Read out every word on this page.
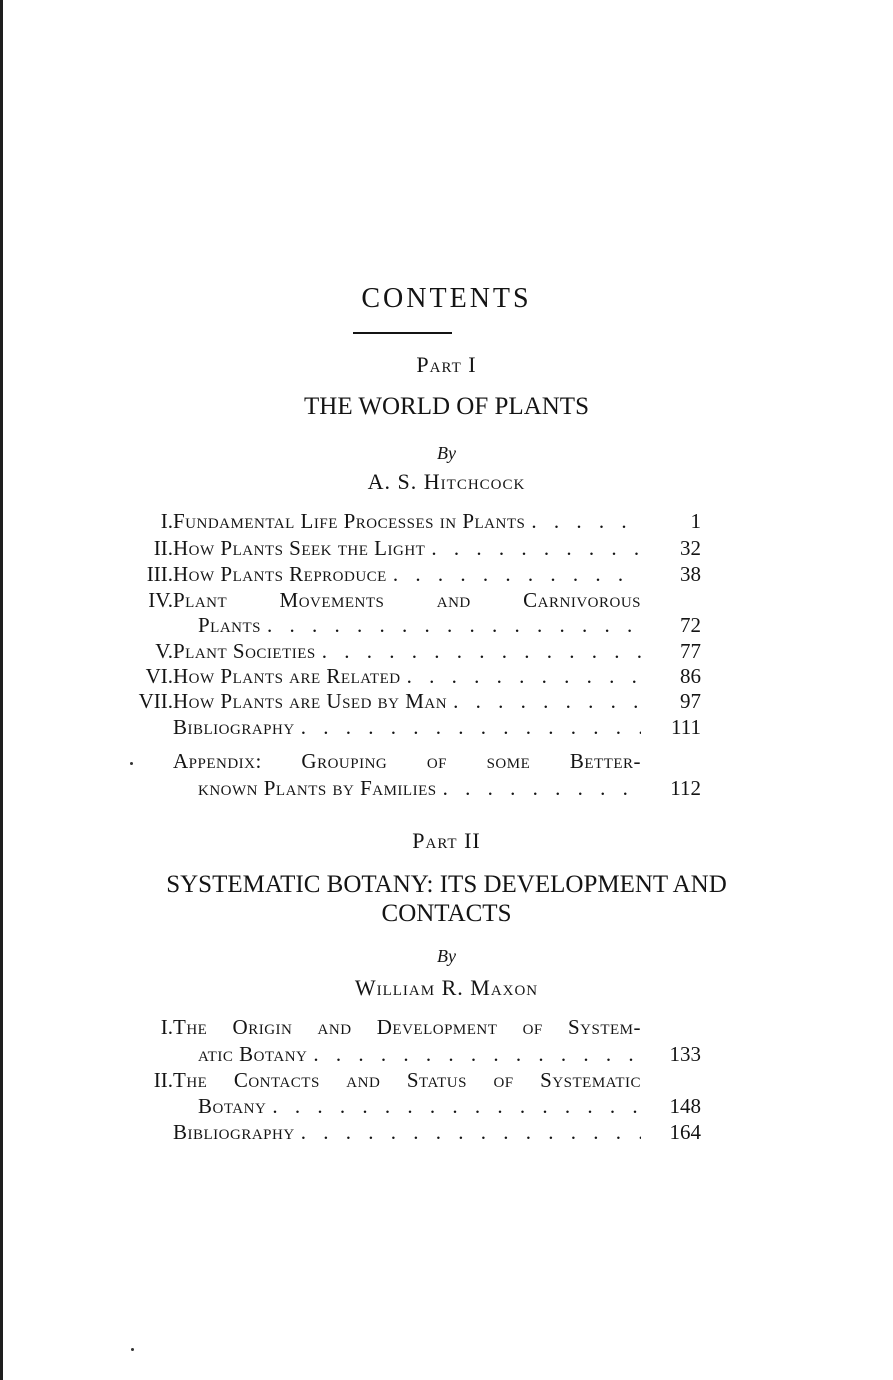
CONTENTS
Part I
THE WORLD OF PLANTS
By
A. S. Hitchcock
I. Fundamental Life Processes in Plants . . .	1
II. How Plants Seek the Light . . .	32
III. How Plants Reproduce . . .	38
IV. Plant Movements and Carnivorous
Plants . . .	72
V. Plant Societies . . .	77
VI. How Plants are Related . . .	86
VII. How Plants are Used by Man . . .	97
Bibliography . . .	111
Appendix: Grouping of some Better-
known Plants by Families . . .	112
Part II
SYSTEMATIC BOTANY: ITS DEVELOPMENT AND
CONTACTS
By
William R. Maxon
I. The Origin and Development of System-
atic Botany . . .	133
II. The Contacts and Status of Systematic
Botany . . .	148
Bibliography . . .	164
